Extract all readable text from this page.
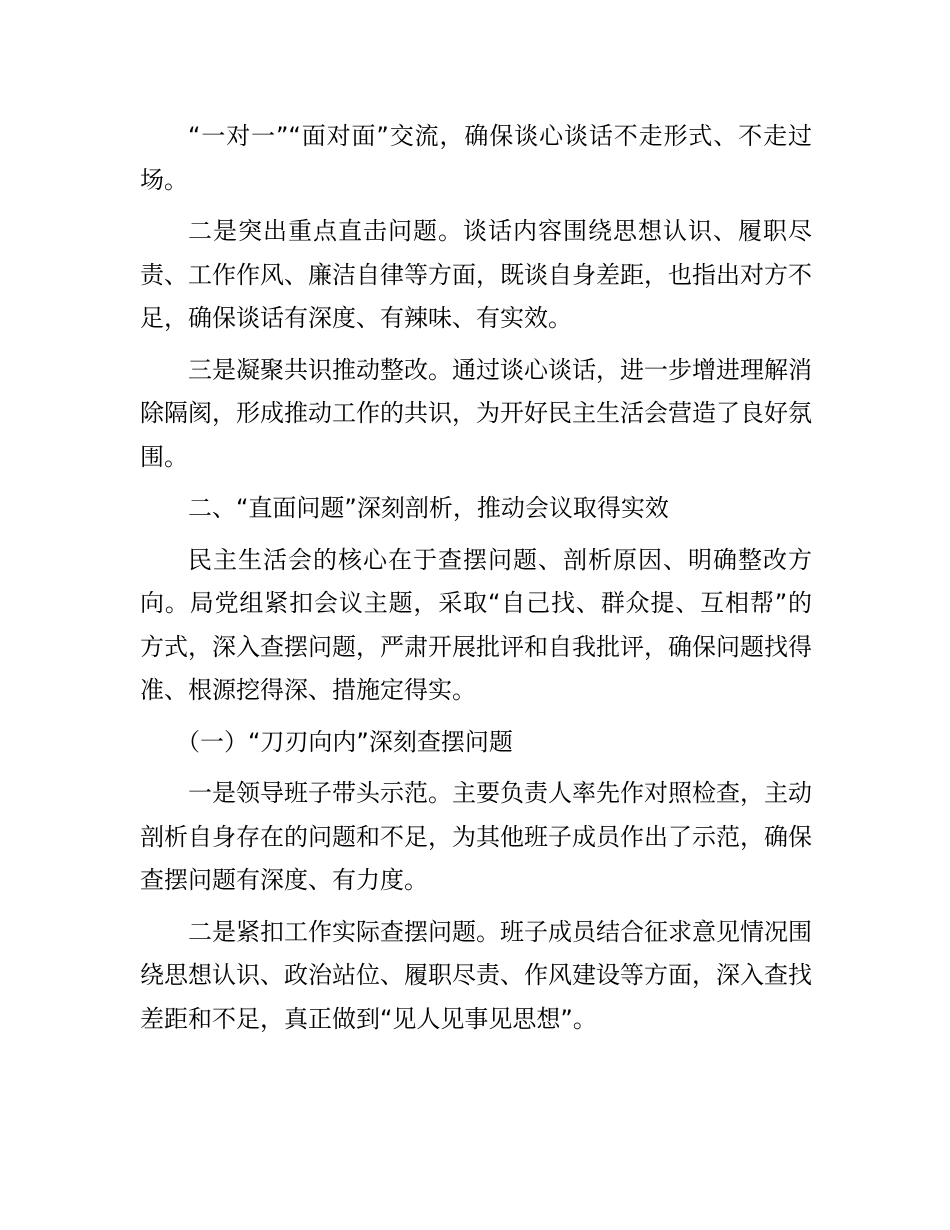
“一对一”“面对面”交流，确保谈心谈话不走形式、不走过场。

二是突出重点直击问题。谈话内容围绕思想认识、履职尽责、工作作风、廉洁自律等方面，既谈自身差距，也指出对方不足，确保谈话有深度、有辣味、有实效。

三是凝聚共识推动整改。通过谈心谈话，进一步增进理解消除隔阂，形成推动工作的共识，为开好民主生活会营造了良好氛围。

二、“直面问题”深刻剖析，推动会议取得实效

民主生活会的核心在于查摆问题、剖析原因、明确整改方向。局党组紧扣会议主题，采取“自己找、群众提、互相帮”的方式，深入查摆问题，严肃开展批评和自我批评，确保问题找得准、根源挖得深、措施定得实。

（一）“刀刃向内”深刻查摆问题

一是领导班子带头示范。主要负责人率先作对照检查，主动剖析自身存在的问题和不足，为其他班子成员作出了示范，确保查摆问题有深度、有力度。

二是紧扣工作实际查摆问题。班子成员结合征求意见情况围绕思想认识、政治站位、履职尽责、作风建设等方面，深入查找差距和不足，真正做到“见人见事见思想”。
